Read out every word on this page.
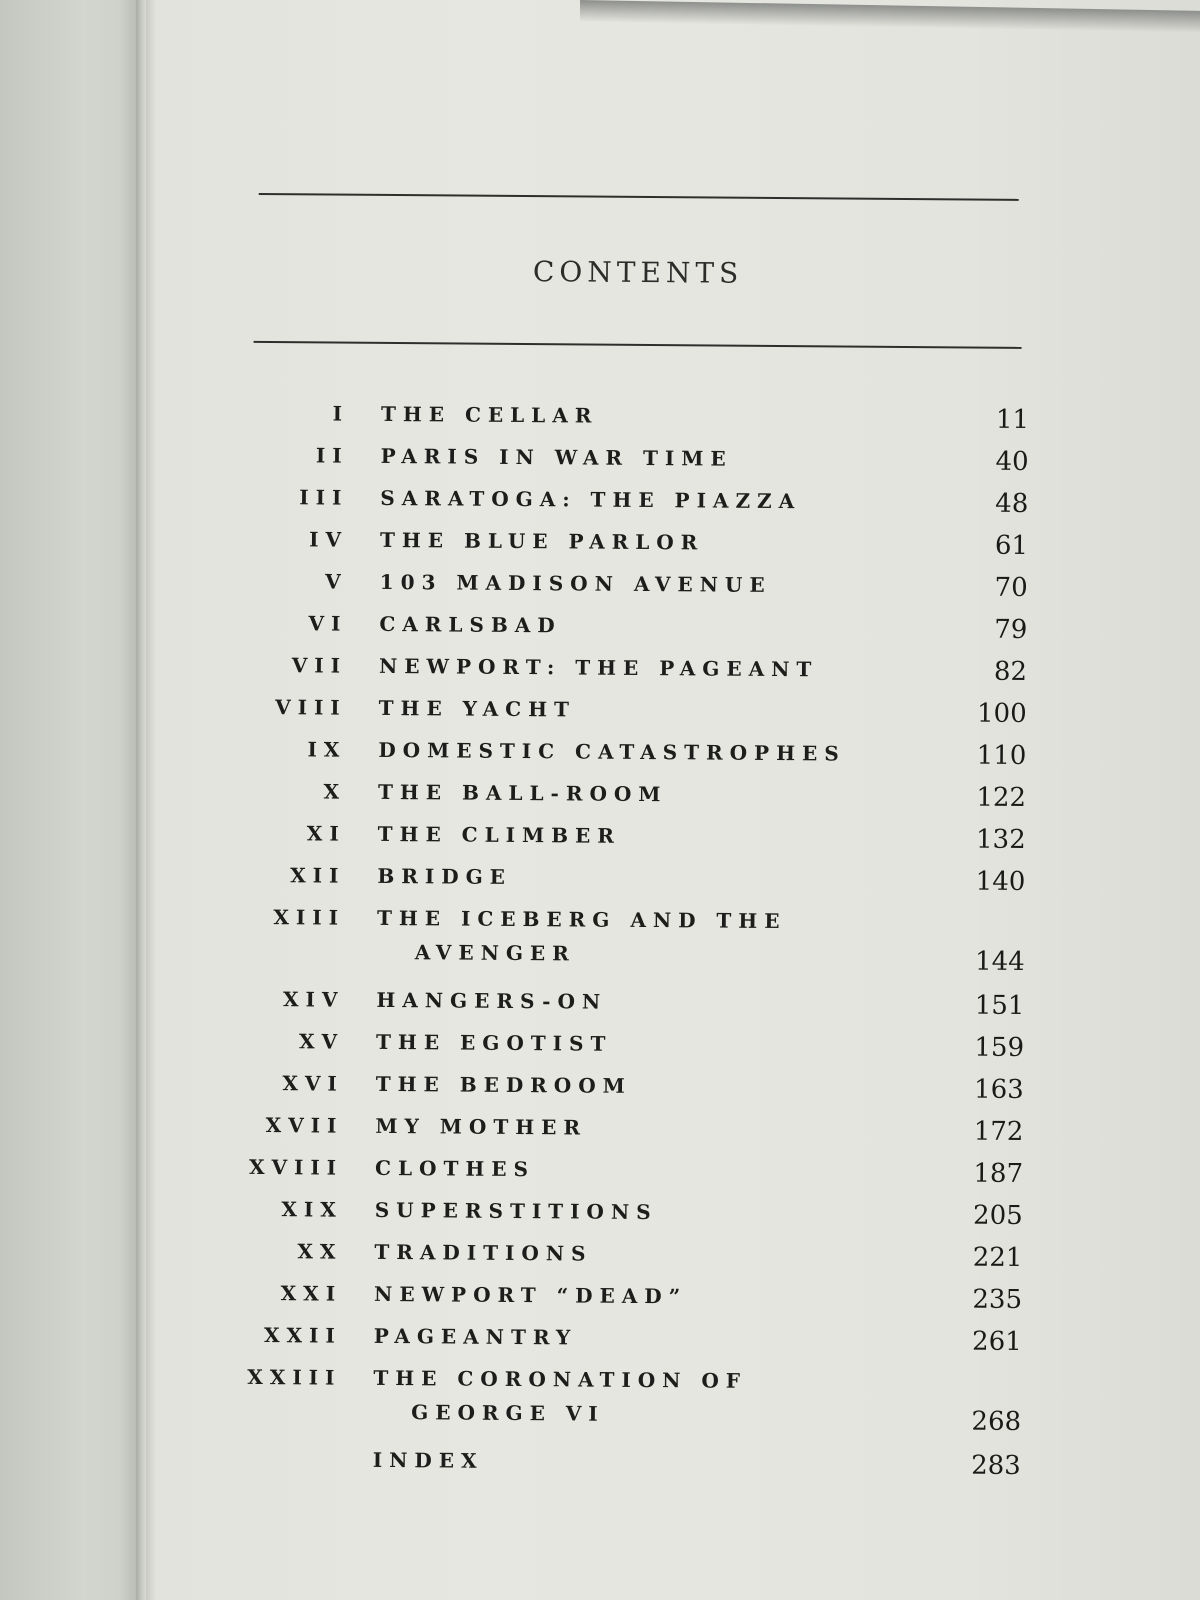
CONTENTS
I THE CELLAR	11
II PARIS IN WAR TIME	40
III SARATOGA: THE PIAZZA	48
IV THE BLUE PARLOR	61
V 103 MADISON AVENUE	70
VI CARLSBAD	79
VII NEWPORT: THE PAGEANT	82
VIII THE YACHT	100
IX DOMESTIC CATASTROPHES	110
X THE BALL-ROOM	122
XI THE CLIMBER	132
XII BRIDGE	140
XIII THE ICEBERG AND THE
AVENGER	144
XIV HANGERS-ON	151
XV THE EGOTIST	159
XVI THE BEDROOM	163
XVII MY MOTHER	172
XVIII CLOTHES	187
XIX SUPERSTITIONS	205
XX TRADITIONS	221
XXI NEWPORT “DEAD”	235
XXII PAGEANTRY	261
XXIII THE CORONATION OF
GEORGE VI	268
INDEX	283
